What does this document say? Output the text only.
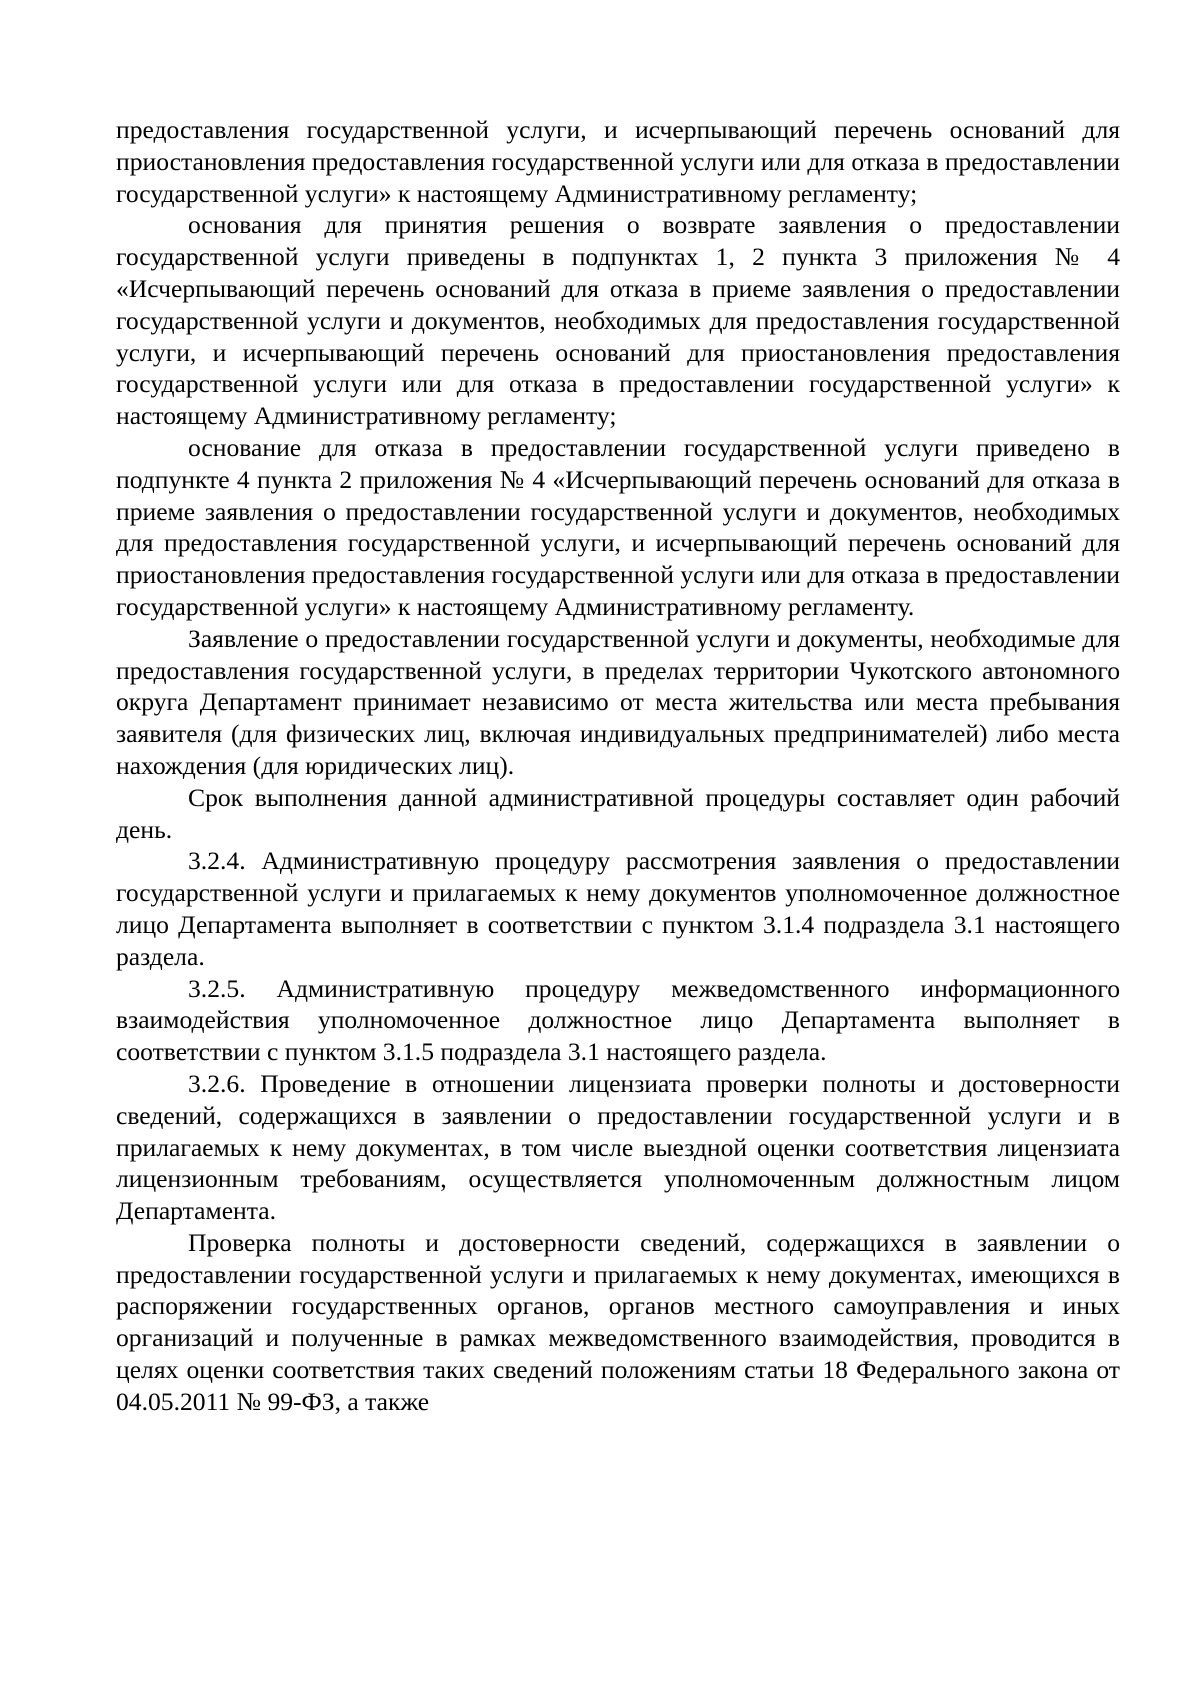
предоставления государственной услуги, и исчерпывающий перечень оснований для приостановления предоставления государственной услуги или для отказа в предоставлении государственной услуги» к настоящему Административному регламенту;

основания для принятия решения о возврате заявления о предоставлении государственной услуги приведены в подпунктах 1, 2 пункта 3 приложения № 4 «Исчерпывающий перечень оснований для отказа в приеме заявления о предоставлении государственной услуги и документов, необходимых для предоставления государственной услуги, и исчерпывающий перечень оснований для приостановления предоставления государственной услуги или для отказа в предоставлении государственной услуги» к настоящему Административному регламенту;

основание для отказа в предоставлении государственной услуги приведено в подпункте 4 пункта 2 приложения № 4 «Исчерпывающий перечень оснований для отказа в приеме заявления о предоставлении государственной услуги и документов, необходимых для предоставления государственной услуги, и исчерпывающий перечень оснований для приостановления предоставления государственной услуги или для отказа в предоставлении государственной услуги» к настоящему Административному регламенту.

Заявление о предоставлении государственной услуги и документы, необходимые для предоставления государственной услуги, в пределах территории Чукотского автономного округа Департамент принимает независимо от места жительства или места пребывания заявителя (для физических лиц, включая индивидуальных предпринимателей) либо места нахождения (для юридических лиц).

Срок выполнения данной административной процедуры составляет один рабочий день.

3.2.4. Административную процедуру рассмотрения заявления о предоставлении государственной услуги и прилагаемых к нему документов уполномоченное должностное лицо Департамента выполняет в соответствии с пунктом 3.1.4 подраздела 3.1 настоящего раздела.

3.2.5. Административную процедуру межведомственного информационного взаимодействия уполномоченное должностное лицо Департамента выполняет в соответствии с пунктом 3.1.5 подраздела 3.1 настоящего раздела.

3.2.6. Проведение в отношении лицензиата проверки полноты и достоверности сведений, содержащихся в заявлении о предоставлении государственной услуги и в прилагаемых к нему документах, в том числе выездной оценки соответствия лицензиата лицензионным требованиям, осуществляется уполномоченным должностным лицом Департамента.

Проверка полноты и достоверности сведений, содержащихся в заявлении о предоставлении государственной услуги и прилагаемых к нему документах, имеющихся в распоряжении государственных органов, органов местного самоуправления и иных организаций и полученные в рамках межведомственного взаимодействия, проводится в целях оценки соответствия таких сведений положениям статьи 18 Федерального закона от 04.05.2011 № 99-ФЗ, а также
